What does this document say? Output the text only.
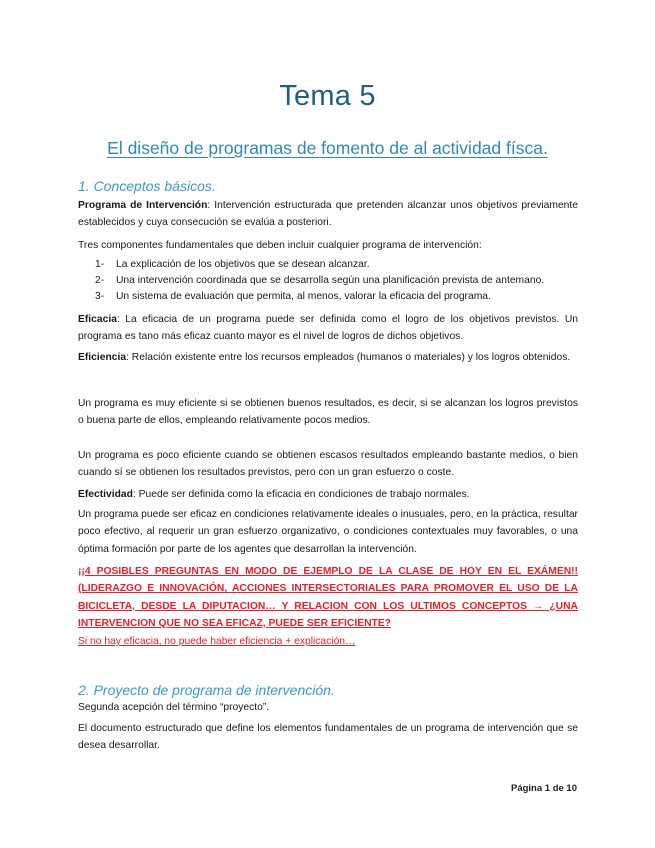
Tema 5
El diseño de programas de fomento de al actividad físca.
1. Conceptos básicos.
Programa de Intervención: Intervención estructurada que pretenden alcanzar unos objetivos previamente establecidos y cuya consecución se evalúa a posteriori.
Tres componentes fundamentales que deben incluir cualquier programa de intervención:
1-	La explicación de los objetivos que se desean alcanzar.
2-	Una intervención coordinada que se desarrolla según una planificación prevista de antemano.
3-	Un sistema de evaluación que permita, al menos, valorar la eficacia del programa.
Eficacia: La eficacia de un programa puede ser definida como el logro de los objetivos previstos. Un programa es tano más eficaz cuanto mayor es el nivel de logros de dichos objetivos.
Eficiencia: Relación existente entre los recursos empleados (humanos o materiales) y los logros obtenidos.
Un programa es muy eficiente si se obtienen buenos resultados, es decir, si se alcanzan los logros previstos o buena parte de ellos, empleando relativamente pocos medios.
Un programa es poco eficiente cuando se obtienen escasos resultados empleando bastante medios, o bien cuando sí se obtienen los resultados previstos, pero con un gran esfuerzo o coste.
Efectividad: Puede ser definida como la eficacia en condiciones de trabajo normales.
Un programa puede ser eficaz en condiciones relativamente ideales o inusuales, pero, en la práctica, resultar poco efectivo, al requerir un gran esfuerzo organizativo, o condiciones contextuales muy favorables, o una óptima formación por parte de los agentes que desarrollan la intervención.
¡¡4 POSIBLES PREGUNTAS EN MODO DE EJEMPLO DE LA CLASE DE HOY EN EL EXÁMEN!! (LIDERAZGO E INNOVACIÓN, ACCIONES INTERSECTORIALES PARA PROMOVER EL USO DE LA BICICLETA, DESDE LA DIPUTACION… Y RELACION CON LOS ULTIMOS CONCEPTOS → ¿UNA INTERVENCION QUE NO SEA EFICAZ, PUEDE SER EFICIENTE?
Si no hay eficacia, no puede haber eficiencia + explicación…
2. Proyecto de programa de intervención.
Segunda acepción del término “proyecto”.
El documento estructurado que define los elementos fundamentales de un programa de intervención que se desea desarrollar.
Página 1 de 10
